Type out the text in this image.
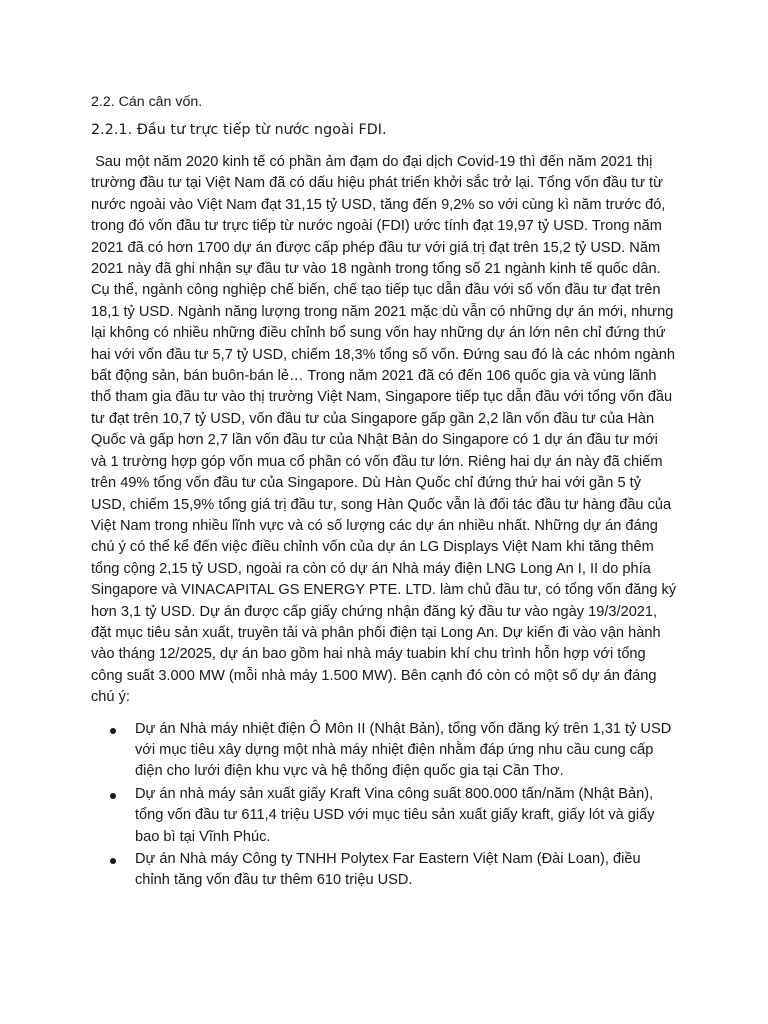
2.2. Cán cân vốn.
2.2.1. Đầu tư trực tiếp từ nước ngoài FDI.

Sau một năm 2020 kinh tế có phần ảm đạm do đại dịch Covid-19 thì đến năm 2021 thị trường đầu tư tại Việt Nam đã có dấu hiệu phát triển khởi sắc trở lại. Tổng vốn đầu tư từ nước ngoài vào Việt Nam đạt 31,15 tỷ USD, tăng đến 9,2% so với cùng kì năm trước đó, trong đó vốn đầu tư trực tiếp từ nước ngoài (FDI) ước tính đạt 19,97 tỷ USD. Trong năm 2021 đã có hơn 1700 dự án được cấp phép đầu tư với giá trị đạt trên 15,2 tỷ USD. Năm 2021 này đã ghi nhận sự đầu tư vào 18 ngành trong tổng số 21 ngành kinh tế quốc dân. Cụ thể, ngành công nghiệp chế biến, chế tạo tiếp tục dẫn đầu với số vốn đầu tư đạt trên 18,1 tỷ USD. Ngành năng lượng trong năm 2021 mặc dù vẫn có những dự án mới, nhưng lại không có nhiều những điều chỉnh bổ sung vốn hay những dự án lớn nên chỉ đứng thứ hai với vốn đầu tư 5,7 tỷ USD, chiếm 18,3% tổng số vốn. Đứng sau đó là các nhóm ngành bất động sản, bán buôn-bán lẻ… Trong năm 2021 đã có đến 106 quốc gia và vùng lãnh thổ tham gia đầu tư vào thị trường Việt Nam, Singapore tiếp tục dẫn đầu với tổng vốn đầu tư đạt trên 10,7 tỷ USD, vốn đầu tư của Singapore gấp gần 2,2 lần vốn đầu tư của Hàn Quốc và gấp hơn 2,7 lần vốn đầu tư của Nhật Bản do Singapore có 1 dự án đầu tư mới và 1 trường hợp góp vốn mua cổ phần có vốn đầu tư lớn. Riêng hai dự án này đã chiếm trên 49% tổng vốn đầu tư của Singapore. Dù Hàn Quốc chỉ đứng thứ hai với gần 5 tỷ USD, chiếm 15,9% tổng giá trị đầu tư, song Hàn Quốc vẫn là đối tác đầu tư hàng đầu của Việt Nam trong nhiều lĩnh vực và có số lượng các dự án nhiều nhất. Những dự án đáng chú ý có thể kể đến việc điều chỉnh vốn của dự án LG Displays Việt Nam khi tăng thêm tổng cộng 2,15 tỷ USD, ngoài ra còn có dự án Nhà máy điện LNG Long An I, II do phía Singapore và VINACAPITAL GS ENERGY PTE. LTD. làm chủ đầu tư, có tổng vốn đăng ký hơn 3,1 tỷ USD. Dự án được cấp giấy chứng nhận đăng ký đầu tư vào ngày 19/3/2021, đặt mục tiêu sản xuất, truyền tải và phân phối điện tại Long An. Dự kiến đi vào vận hành vào tháng 12/2025, dự án bao gồm hai nhà máy tuabin khí chu trình hỗn hợp với tổng công suất 3.000 MW (mỗi nhà máy 1.500 MW). Bên cạnh đó còn có một số dự án đáng chú ý:

Dự án Nhà máy nhiệt điện Ô Môn II (Nhật Bản), tổng vốn đăng ký trên 1,31 tỷ USD với mục tiêu xây dựng một nhà máy nhiệt điện nhằm đáp ứng nhu cầu cung cấp điện cho lưới điện khu vực và hệ thống điện quốc gia tại Cần Thơ.
Dự án nhà máy sản xuất giấy Kraft Vina công suất 800.000 tấn/năm (Nhật Bản), tổng vốn đầu tư 611,4 triệu USD với mục tiêu sản xuất giấy kraft, giấy lót và giấy bao bì tại Vĩnh Phúc.
Dự án Nhà máy Công ty TNHH Polytex Far Eastern Việt Nam (Đài Loan), điều chỉnh tăng vốn đầu tư thêm 610 triệu USD.
